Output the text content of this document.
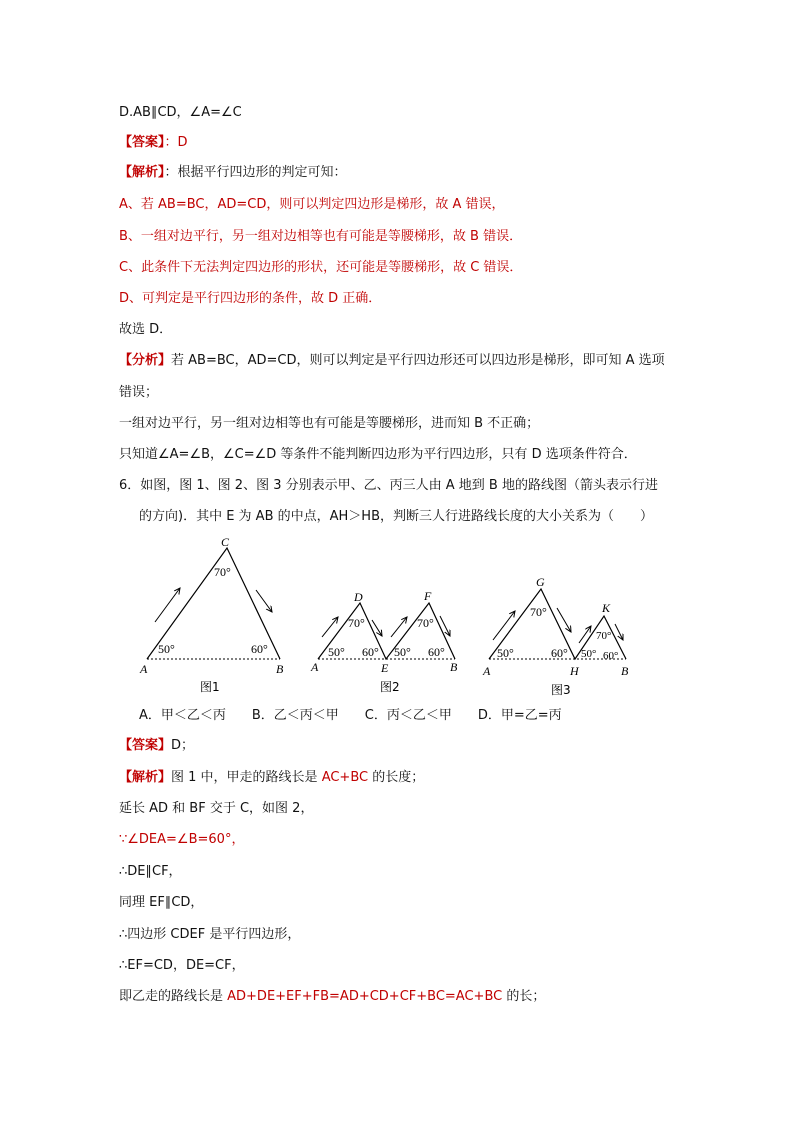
D.AB∥CD，∠A=∠C
【答案】：D
【解析】：根据平行四边形的判定可知：
A、若 AB=BC，AD=CD，则可以判定四边形是梯形，故 A 错误，
B、一组对边平行，另一组对边相等也有可能是等腰梯形，故 B 错误．
C、此条件下无法判定四边形的形状，还可能是等腰梯形，故 C 错误．
D、可判定是平行四边形的条件，故 D 正确．
故选 D．
【分析】若 AB=BC，AD=CD，则可以判定是平行四边形还可以四边形是梯形，即可知 A 选项
错误；
一组对边平行，另一组对边相等也有可能是等腰梯形，进而知 B 不正确；
只知道∠A=∠B，∠C=∠D 等条件不能判断四边形为平行四边形，只有 D 选项条件符合．
6．如图，图 1、图 2、图 3 分别表示甲、乙、丙三人由 A 地到 B 地的路线图（箭头表示行进
的方向)．其中 E 为 AB 的中点，AH＞HB，判断三人行进路线长度的大小关系为（　　）
C
A	B
50°	60°
70°
图1
D	F
A	E	B
50° 60° 50° 60°
70°	70°
图2
G
K
A	H	B
50°	60° 50° 60°
70°
70°
图3
A．甲＜乙＜丙　　B．乙＜丙＜甲　　C．丙＜乙＜甲　　D．甲=乙=丙
【答案】D；
【解析】图 1 中，甲走的路线长是 AC+BC 的长度；
延长 AD 和 BF 交于 C，如图 2，
∵∠DEA=∠B=60°，
∴DE∥CF，
同理 EF∥CD，
∴四边形 CDEF 是平行四边形，
∴EF=CD，DE=CF，
即乙走的路线长是 AD+DE+EF+FB=AD+CD+CF+BC=AC+BC 的长；
